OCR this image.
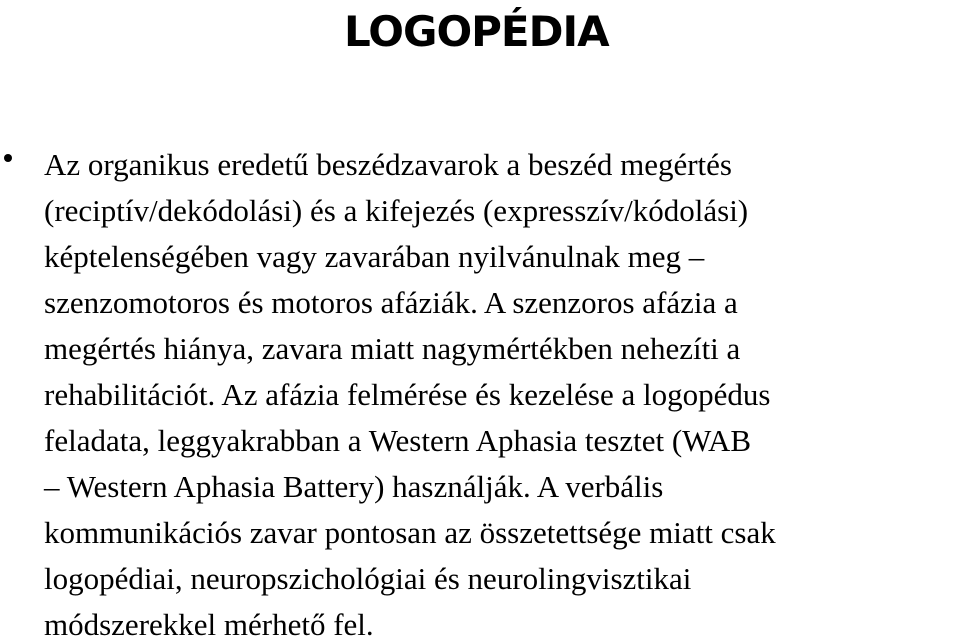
LOGOPÉDIA

Az organikus eredetű beszédzavarok a beszéd megértés
(reciptív/dekódolási) és a kifejezés (expresszív/kódolási)
képtelenségében vagy zavarában nyilvánulnak meg –
szenzomotoros és motoros afáziák. A szenzoros afázia a
megértés hiánya, zavara miatt nagymértékben nehezíti a
rehabilitációt. Az afázia felmérése és kezelése a logopédus
feladata, leggyakrabban a Western Aphasia tesztet (WAB
– Western Aphasia Battery) használják. A verbális
kommunikációs zavar pontosan az összetettsége miatt csak
logopédiai, neuropszichológiai és neurolingvisztikai
módszerekkel mérhető fel.
